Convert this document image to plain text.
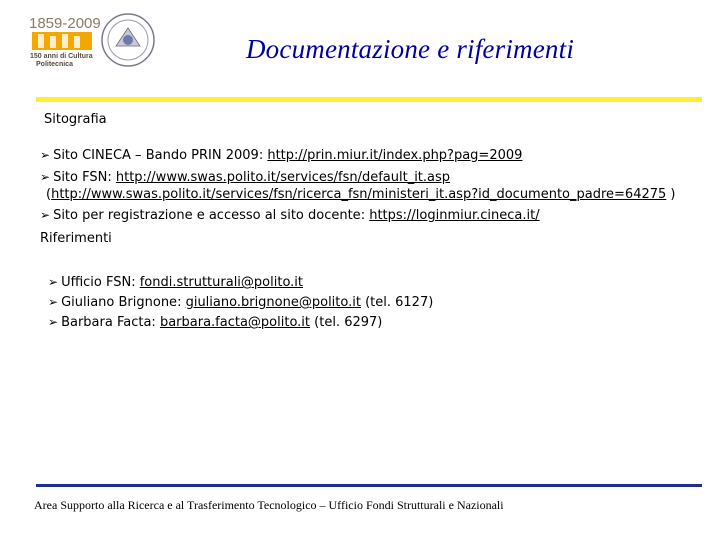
1859-2009
150 anni di Cultura
Politecnica
Documentazione e riferimenti
Sitografia
➢ Sito CINECA – Bando PRIN 2009: http://prin.miur.it/index.php?pag=2009
➢ Sito FSN: http://www.swas.polito.it/services/fsn/default_it.asp
(http://www.swas.polito.it/services/fsn/ricerca_fsn/ministeri_it.asp?id_documento_padre=64275 )
➢ Sito per registrazione e accesso al sito docente: https://loginmiur.cineca.it/
Riferimenti
➢ Ufficio FSN: fondi.strutturali@polito.it
➢ Giuliano Brignone: giuliano.brignone@polito.it (tel. 6127)
➢ Barbara Facta: barbara.facta@polito.it (tel. 6297)
Area Supporto alla Ricerca e al Trasferimento Tecnologico – Ufficio Fondi Strutturali e Nazionali
